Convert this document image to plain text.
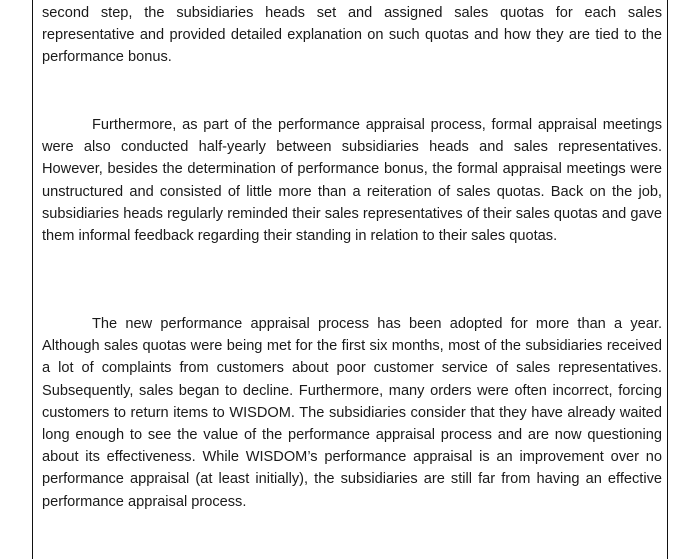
second step, the subsidiaries heads set and assigned sales quotas for each sales representative and provided detailed explanation on such quotas and how they are tied to the performance bonus.

Furthermore, as part of the performance appraisal process, formal appraisal meetings were also conducted half-yearly between subsidiaries heads and sales representatives. However, besides the determination of performance bonus, the formal appraisal meetings were unstructured and consisted of little more than a reiteration of sales quotas. Back on the job, subsidiaries heads regularly reminded their sales representatives of their sales quotas and gave them informal feedback regarding their standing in relation to their sales quotas.

The new performance appraisal process has been adopted for more than a year. Although sales quotas were being met for the first six months, most of the subsidiaries received a lot of complaints from customers about poor customer service of sales representatives. Subsequently, sales began to decline. Furthermore, many orders were often incorrect, forcing customers to return items to WISDOM. The subsidiaries consider that they have already waited long enough to see the value of the performance appraisal process and are now questioning about its effectiveness. While WISDOM’s performance appraisal is an improvement over no performance appraisal (at least initially), the subsidiaries are still far from having an effective performance appraisal process.
